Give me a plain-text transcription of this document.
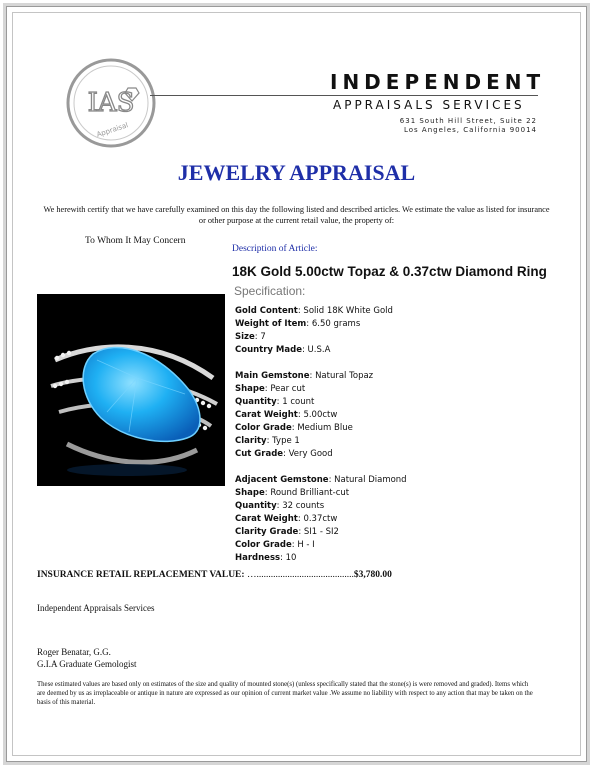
IAS
Appraisal
INDEPENDENT
APPRAISALS SERVICES
631 South Hill Street, Suite 22
Los Angeles, California 90014
JEWELRY APPRAISAL
We herewith certify that we have carefully examined on this day the following listed and described articles. We estimate the value as listed for insurance or other purpose at the current retail value, the property of:
To Whom It May Concern
Description of Article:
18K Gold 5.00ctw Topaz & 0.37ctw Diamond Ring
Specification:
Gold Content: Solid 18K White Gold
Weight of Item: 6.50 grams
Size: 7
Country Made: U.S.A
Main Gemstone: Natural Topaz
Shape: Pear cut
Quantity: 1 count
Carat Weight: 5.00ctw
Color Grade: Medium Blue
Clarity: Type 1
Cut Grade: Very Good
Adjacent Gemstone: Natural Diamond
Shape: Round Brilliant-cut
Quantity: 32 counts
Carat Weight: 0.37ctw
Clarity Grade: SI1 - SI2
Color Grade: H - I
Hardness: 10
INSURANCE RETAIL REPLACEMENT VALUE: ….........................................$3,780.00
Independent Appraisals Services
Roger Benatar, G.G.
G.I.A Graduate Gemologist
These estimated values are based only on estimates of the size and quality of mounted stone(s) (unless specifically stated that the stone(s) is were removed and graded). Items which are deemed by us as irreplaceable or antique in nature are expressed as our opinion of current market value .We assume no liability with respect to any action that may be taken on the basis of this material.
